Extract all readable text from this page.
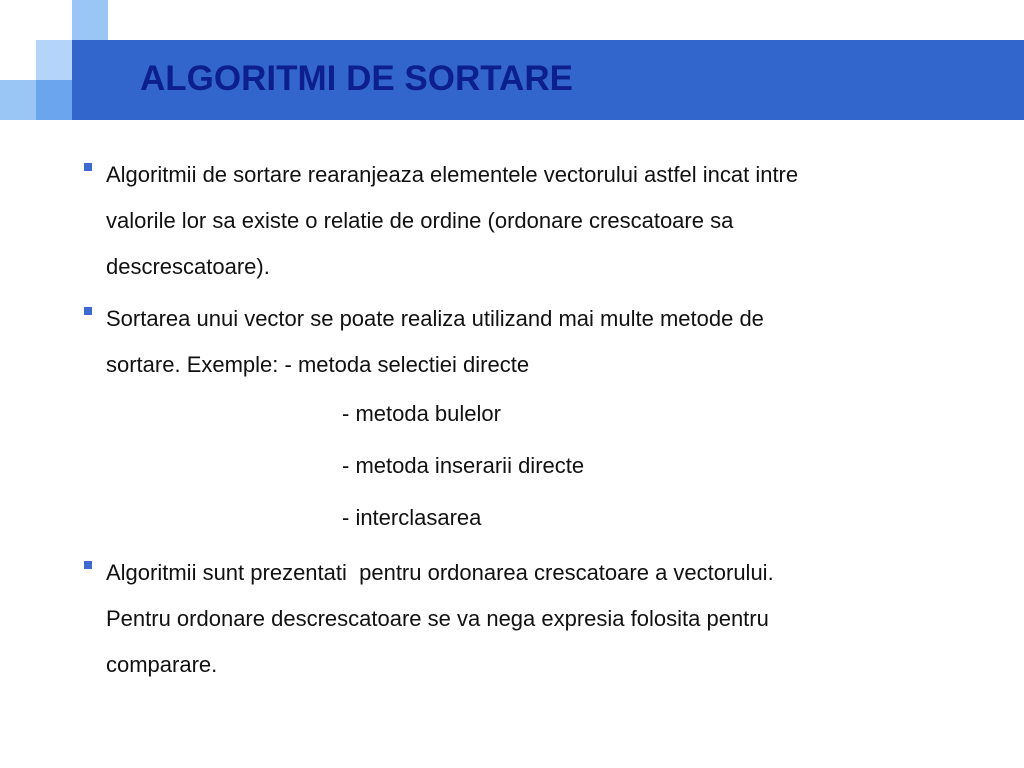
ALGORITMI DE SORTARE
Algoritmii de sortare rearanjeaza elementele vectorului astfel incat intre
valorile lor sa existe o relatie de ordine (ordonare crescatoare sa
descrescatoare).
Sortarea unui vector se poate realiza utilizand mai multe metode de
sortare. Exemple: - metoda selectiei directe
- metoda bulelor
- metoda inserarii directe
- interclasarea
Algoritmii sunt prezentati  pentru ordonarea crescatoare a vectorului.
Pentru ordonare descrescatoare se va nega expresia folosita pentru
comparare.
